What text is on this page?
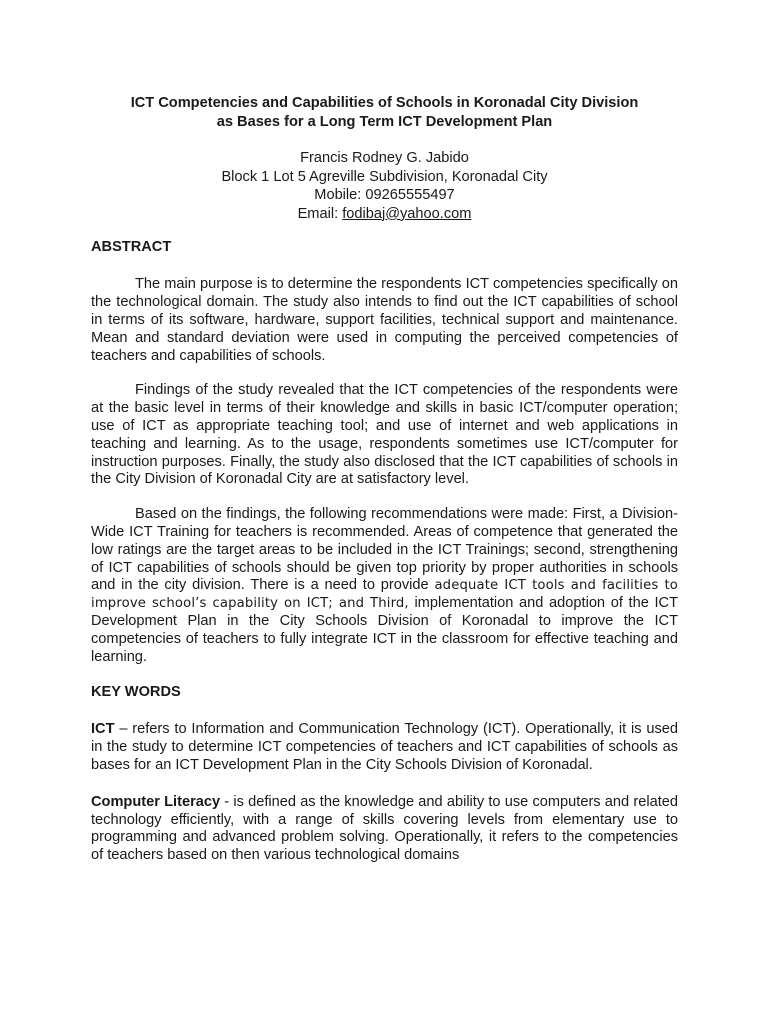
ICT Competencies and Capabilities of Schools in Koronadal City Division
as Bases for a Long Term ICT Development Plan
Francis Rodney G. Jabido
Block 1 Lot 5 Agreville Subdivision, Koronadal City
Mobile: 09265555497
Email: fodibaj@yahoo.com
ABSTRACT

The main purpose is to determine the respondents ICT competencies specifically on the technological domain. The study also intends to find out the ICT capabilities of school in terms of its software, hardware, support facilities, technical support and maintenance. Mean and standard deviation were used in computing the perceived competencies of teachers and capabilities of schools.

Findings of the study revealed that the ICT competencies of the respondents were at the basic level in terms of their knowledge and skills in basic ICT/computer operation; use of ICT as appropriate teaching tool; and use of internet and web applications in teaching and learning. As to the usage, respondents sometimes use ICT/computer for instruction purposes. Finally, the study also disclosed that the ICT capabilities of schools in the City Division of Koronadal City are at satisfactory level.

Based on the findings, the following recommendations were made: First, a Division-Wide ICT Training for teachers is recommended. Areas of competence that generated the low ratings are the target areas to be included in the ICT Trainings; second, strengthening of ICT capabilities of schools should be given top priority by proper authorities in schools and in the city division. There is a need to provide adequate ICT tools and facilities to improve school’s capability on ICT; and Third, implementation and adoption of the ICT Development Plan in the City Schools Division of Koronadal to improve the ICT competencies of teachers to fully integrate ICT in the classroom for effective teaching and learning.

KEY WORDS

ICT – refers to Information and Communication Technology (ICT). Operationally, it is used in the study to determine ICT competencies of teachers and ICT capabilities of schools as bases for an ICT Development Plan in the City Schools Division of Koronadal.

Computer Literacy - is defined as the knowledge and ability to use computers and related technology efficiently, with a range of skills covering levels from elementary use to programming and advanced problem solving. Operationally, it refers to the competencies of teachers based on then various technological domains
